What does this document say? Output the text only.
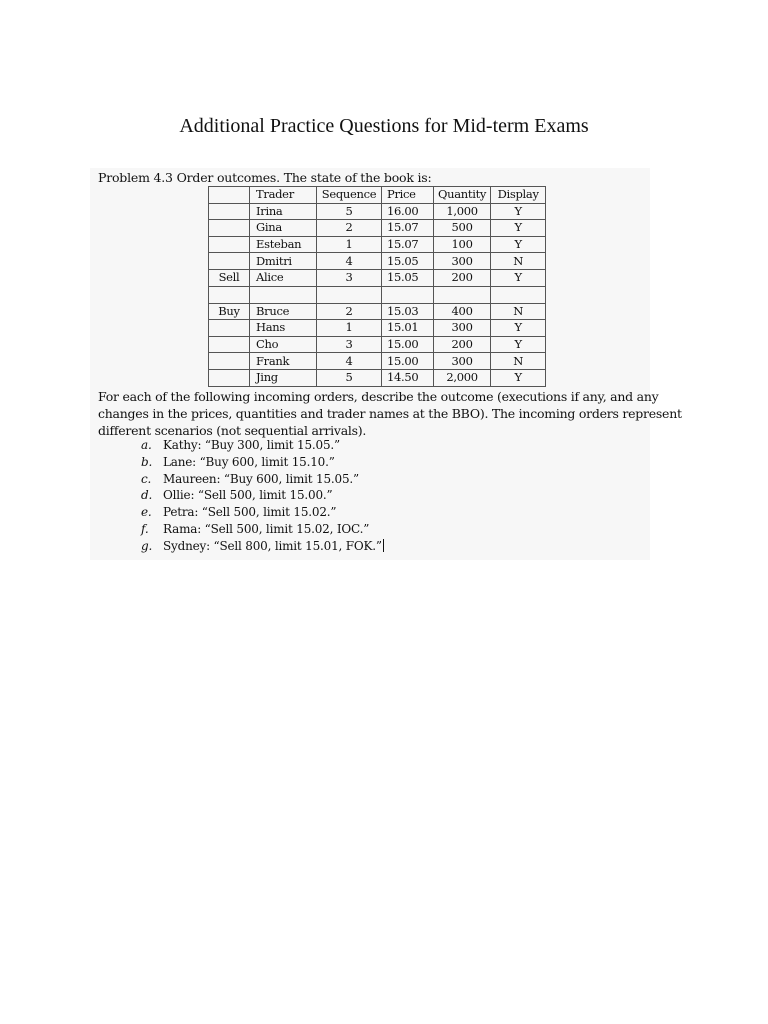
Additional Practice Questions for Mid-term Exams
Problem 4.3 Order outcomes. The state of the book is:
	Trader	Sequence	Price	Quantity	Display
	Irina	5	16.00	1,000	Y
	Gina	2	15.07	500	Y
	Esteban	1	15.07	100	Y
	Dmitri	4	15.05	300	N
Sell	Alice	3	15.05	200	Y

Buy	Bruce	2	15.03	400	N
	Hans	1	15.01	300	Y
	Cho	3	15.00	200	Y
	Frank	4	15.00	300	N
	Jing	5	14.50	2,000	Y
For each of the following incoming orders, describe the outcome (executions if any, and any
changes in the prices, quantities and trader names at the BBO). The incoming orders represent
different scenarios (not sequential arrivals).
a. Kathy: “Buy 300, limit 15.05.”
b. Lane: “Buy 600, limit 15.10.”
c. Maureen: “Buy 600, limit 15.05.”
d. Ollie: “Sell 500, limit 15.00.”
e. Petra: “Sell 500, limit 15.02.”
f. Rama: “Sell 500, limit 15.02, IOC.”
g. Sydney: “Sell 800, limit 15.01, FOK.”
